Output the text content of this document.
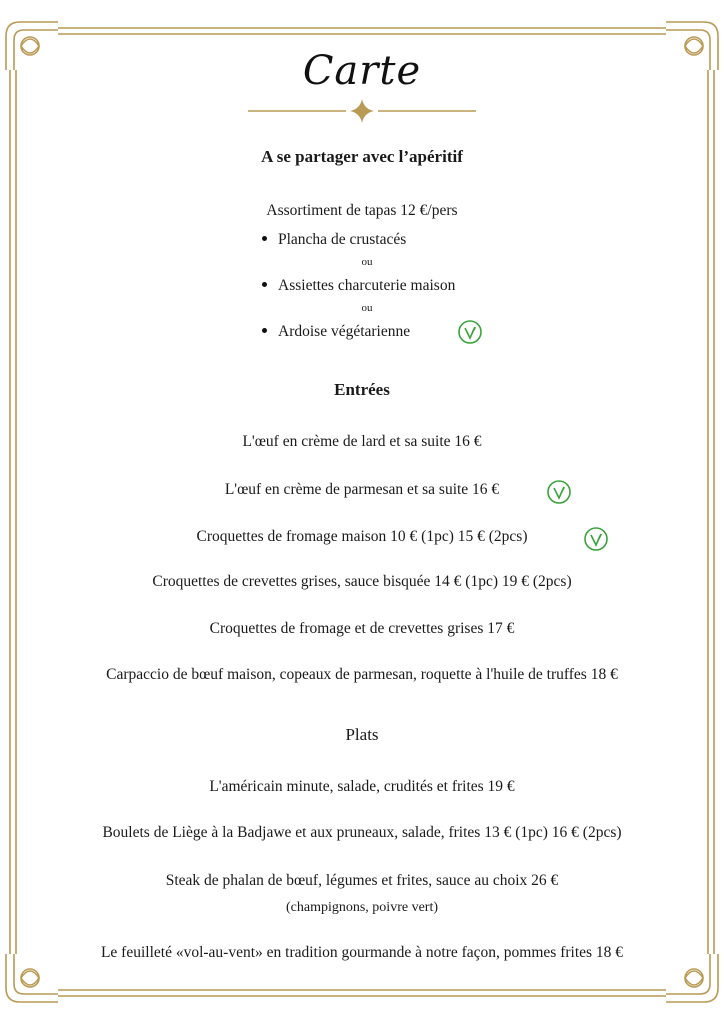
Carte
A se partager avec l’apéritif
Assortiment de tapas 12 €/pers
Plancha de crustacés
ou
Assiettes charcuterie maison
ou
Ardoise végétarienne
Entrées
L'œuf en crème de lard et sa suite 16 €
L'œuf en crème de parmesan et sa suite 16 €
Croquettes de fromage maison 10 € (1pc) 15 € (2pcs)
Croquettes de crevettes grises, sauce bisquée 14 € (1pc) 19 € (2pcs)
Croquettes de fromage et de crevettes grises 17 €
Carpaccio de bœuf maison, copeaux de parmesan, roquette à l'huile de truffes 18 €
Plats
L'américain minute, salade, crudités et frites 19 €
Boulets de Liège à la Badjawe et aux pruneaux, salade, frites 13 € (1pc) 16 € (2pcs)
Steak de phalan de bœuf, légumes et frites, sauce au choix 26 €
(champignons, poivre vert)
Le feuilleté «vol-au-vent» en tradition gourmande à notre façon, pommes frites 18 €
